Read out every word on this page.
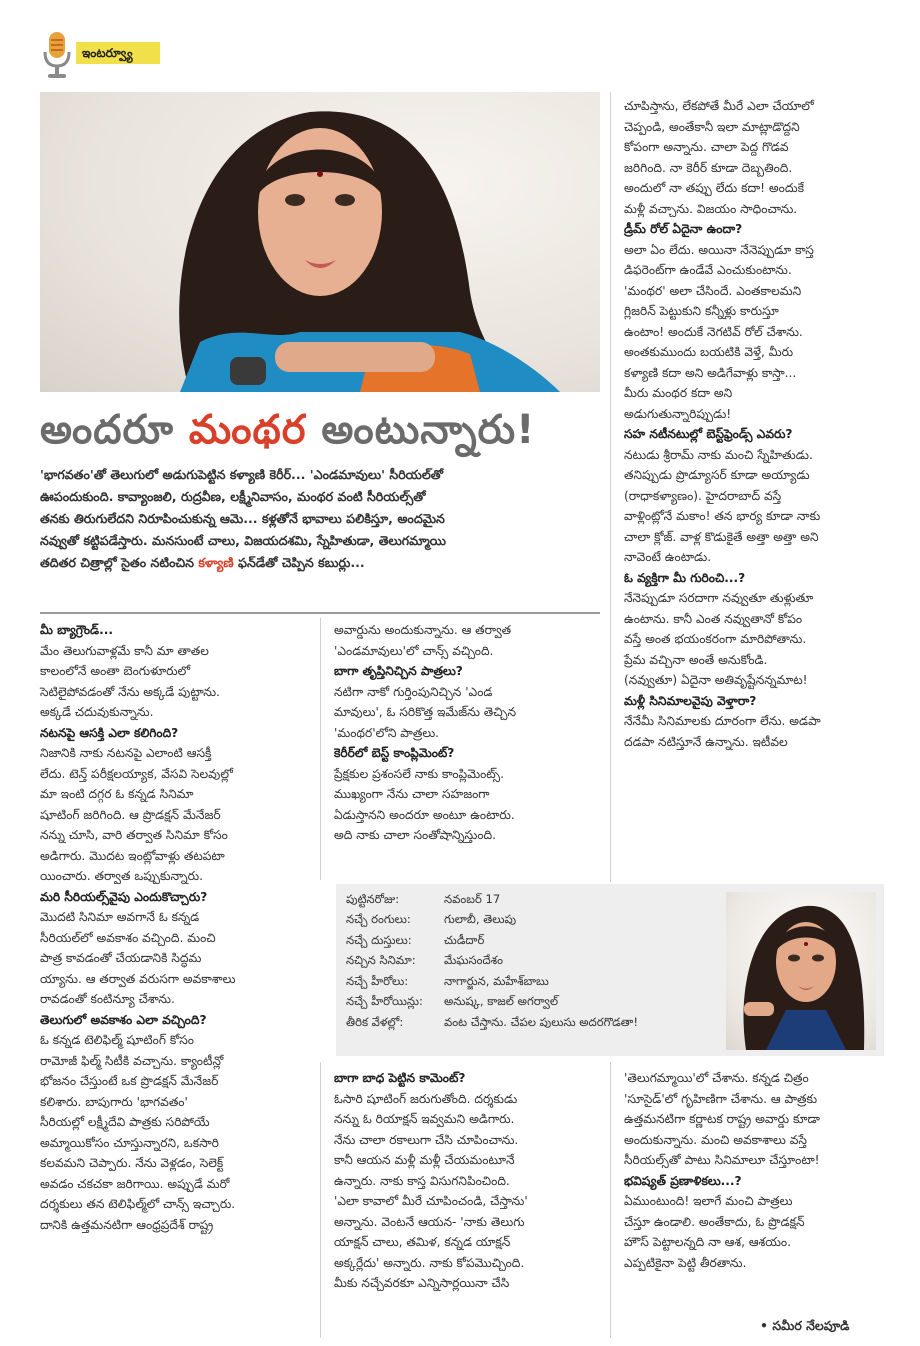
ఇంటర్వ్యూ
అందరూ మంథర అంటున్నారు!

'భాగవతం'తో తెలుగులో అడుగుపెట్టిన కళ్యాణి కెరీర్... 'ఎండమావులు' సీరియల్‌తో

ఊపందుకుంది. కావ్యాంజలి, రుద్రవీణ, లక్ష్మీనివాసం, మంథర వంటి సీరియల్స్‌తో

తనకు తిరుగులేదని నిరూపించుకున్న ఆమె... కళ్లతోనే భావాలు పలికిస్తూ, అందమైన

నవ్వుతో కట్టిపడేస్తారు. మనసుంటే చాలు, విజయదశమి, స్నేహితుడా, తెలుగమ్మాయి

తదితర చిత్రాల్లో సైతం నటించిన కళ్యాణి ఫన్‌డేతో చెప్పిన కబుర్లు...

మీ బ్యాగ్రౌండ్...

మేం తెలుగువాళ్లమే కానీ మా తాతల

కాలంలోనే అంతా బెంగుళూరులో

సెటిలైపోవడంతో నేను అక్కడే పుట్టాను.

అక్కడే చదువుకున్నాను.

నటనపై ఆసక్తి ఎలా కలిగింది?

నిజానికి నాకు నటనపై ఎలాంటి ఆసక్తీ

లేదు. టెన్త్ పరీక్షలయ్యాక, వేసవి సెలవుల్లో

మా ఇంటి దగ్గర ఓ కన్నడ సినిమా

షూటింగ్ జరిగింది. ఆ ప్రొడక్షన్ మేనేజర్

నన్ను చూసి, వారి తర్వాత సినిమా కోసం

అడిగారు. మొదట ఇంట్లోవాళ్లు తటపటా

యించారు. తర్వాత ఒప్పుకున్నారు.

మరి సీరియల్స్‌వైపు ఎందుకొచ్చారు?

మొదటి సినిమా అవగానే ఓ కన్నడ

సీరియల్‌లో అవకాశం వచ్చింది. మంచి

పాత్ర కావడంతో చేయడానికి సిద్ధమ

య్యాను. ఆ తర్వాత వరుసగా అవకాశాలు

రావడంతో కంటిన్యూ చేశాను.

తెలుగులో అవకాశం ఎలా వచ్చింది?

ఓ కన్నడ టెలిఫిల్మ్ షూటింగ్ కోసం

రామోజీ ఫిల్మ్ సిటీకి వచ్చాను. క్యాంటీన్లో

భోజనం చేస్తుంటే ఒక ప్రొడక్షన్ మేనేజర్

కలిశారు. బాపుగారు 'భాగవతం'

సీరియల్లో లక్ష్మీదేవి పాత్రకు సరిపోయే

అమ్మాయికోసం చూస్తున్నారని, ఒకసారి

కలవమని చెప్పారు. నేను వెళ్లడం, సెలెక్ట్

అవడం చకచకా జరిగాయి. అప్పుడే మరో

దర్శకులు తన టెలిఫిల్మ్‌లో చాన్స్ ఇచ్చారు.

దానికి ఉత్తమనటిగా ఆంధ్రప్రదేశ్ రాష్ట్ర

అవార్డును అందుకున్నాను. ఆ తర్వాత

'ఎండమావులు'లో చాన్స్ వచ్చింది.

బాగా తృప్తినిచ్చిన పాత్రలు?

నటిగా నాకో గుర్తింపునిచ్చిన 'ఎండ

మావులు', ఓ సరికొత్త ఇమేజ్‌ను తెచ్చిన

'మంథర'లోని పాత్రలు.

కెరీర్‌లో బెస్ట్ కాంప్లిమెంట్?

ప్రేక్షకుల ప్రశంసలే నాకు కాంప్లిమెంట్స్.

ముఖ్యంగా నేను చాలా సహజంగా

ఏడుస్తానని అందరూ అంటూ ఉంటారు.

అది నాకు చాలా సంతోషాన్నిస్తుంది.

చూపిస్తాను, లేకపోతే మీరే ఎలా చేయాలో

చెప్పండి, అంతేకానీ ఇలా మాట్లాడొద్దని

కోపంగా అన్నాను. చాలా పెద్ద గొడవ

జరిగింది. నా కెరీర్ కూడా దెబ్బతింది.

అందులో నా తప్పు లేదు కదా! అందుకే

మళ్లీ వచ్చాను. విజయం సాధించాను.

డ్రీమ్ రోల్ ఏదైనా ఉందా?

అలా ఏం లేదు. అయినా నేనెప్పుడూ కాస్త

డిఫరెంట్‌గా ఉండేవే ఎంచుకుంటాను.

'మంథర' అలా చేసిందే. ఎంతకాలమని

గ్లిజరిన్ పెట్టుకుని కన్నీళ్లు కారుస్తూ

ఉంటాం! అందుకే నెగటివ్ రోల్ చేశాను.

అంతకుముందు బయటికి వెళ్తే, మీరు

కళ్యాణి కదా అని అడిగేవాళ్లు కాస్తా...

మీరు మంథర కదా అని

అడుగుతున్నారిప్పుడు!

సహ నటీనటుల్లో బెస్ట్‌ఫ్రెండ్స్ ఎవరు?

నటుడు శ్రీరామ్ నాకు మంచి స్నేహితుడు.

తనిప్పుడు ప్రొడ్యూసర్ కూడా అయ్యాడు

(రాధాకళ్యాణం). హైదరాబాద్ వస్తే

వాళ్లింట్లోనే మకాం! తన భార్య కూడా నాకు

చాలా క్లోజ్. వాళ్ల కొడుకైతే అత్తా అత్తా అని

నావెంటే ఉంటాడు.

ఓ వ్యక్తిగా మీ గురించి...?

నేనెప్పుడూ సరదాగా నవ్వుతూ తుళ్లుతూ

ఉంటాను. కానీ ఎంత నవ్వుతానో కోపం

వస్తే అంత భయంకరంగా మారిపోతాను.

ప్రేమ వచ్చినా అంతే అనుకోండి.

(నవ్వుతూ) ఏదైనా అతివృష్టేనన్నమాట!

మళ్లీ సినిమాలవైపు వెళ్తారా?

నేనేమీ సినిమాలకు దూరంగా లేను. అడపా

దడపా నటిస్తూనే ఉన్నాను. ఇటీవల

పుట్టినరోజు:	నవంబర్ 17
నచ్చే రంగులు:	గులాబీ, తెలుపు
నచ్చే దుస్తులు:	చుడీదార్
నచ్చిన సినిమా:	మేఘసందేశం
నచ్చే హీరోలు:	నాగార్జున, మహేశ్‌బాబు
నచ్చే హీరోయిన్లు:	అనుష్క, కాజల్ అగర్వాల్
తీరిక వేళల్లో:	వంట చేస్తాను. చేపల పులుసు అదరగొడతా!

బాగా బాధ పెట్టిన కామెంట్?

ఓసారి షూటింగ్ జరుగుతోంది. దర్శకుడు

నన్ను ఓ రియాక్షన్ ఇవ్వమని అడిగారు.

నేను చాలా రకాలుగా చేసి చూపించాను.

కానీ ఆయన మళ్లీ మళ్లీ చేయమంటూనే

ఉన్నారు. నాకు కాస్త విసుగనిపించింది.

'ఎలా కావాలో మీరే చూపించండి, చేస్తాను'

అన్నాను. వెంటనే ఆయన- 'నాకు తెలుగు

యాక్షన్ చాలు, తమిళ, కన్నడ యాక్షన్

అక్కర్లేదు' అన్నారు. నాకు కోపమొచ్చింది.

మీకు నచ్చేవరకూ ఎన్నిసార్లయినా చేసి

'తెలుగమ్మాయి'లో చేశాను. కన్నడ చిత్రం

'సూసైడ్'లో గృహిణిగా చేశాను. ఆ పాత్రకు

ఉత్తమనటిగా కర్ణాటక రాష్ట్ర అవార్డు కూడా

అందుకున్నాను. మంచి అవకాశాలు వస్తే

సీరియల్స్‌తో పాటు సినిమాలూ చేస్తూంటా!

భవిష్యత్ ప్రణాళికలు...?

ఏముంటుంది! ఇలాగే మంచి పాత్రలు

చేస్తూ ఉండాలి. అంతేకాదు, ఓ ప్రొడక్షన్

హౌస్ పెట్టాలన్నది నా ఆశ, ఆశయం.

ఎప్పటికైనా పెట్టి తీరతాను.

• సమీర నేలపూడి
